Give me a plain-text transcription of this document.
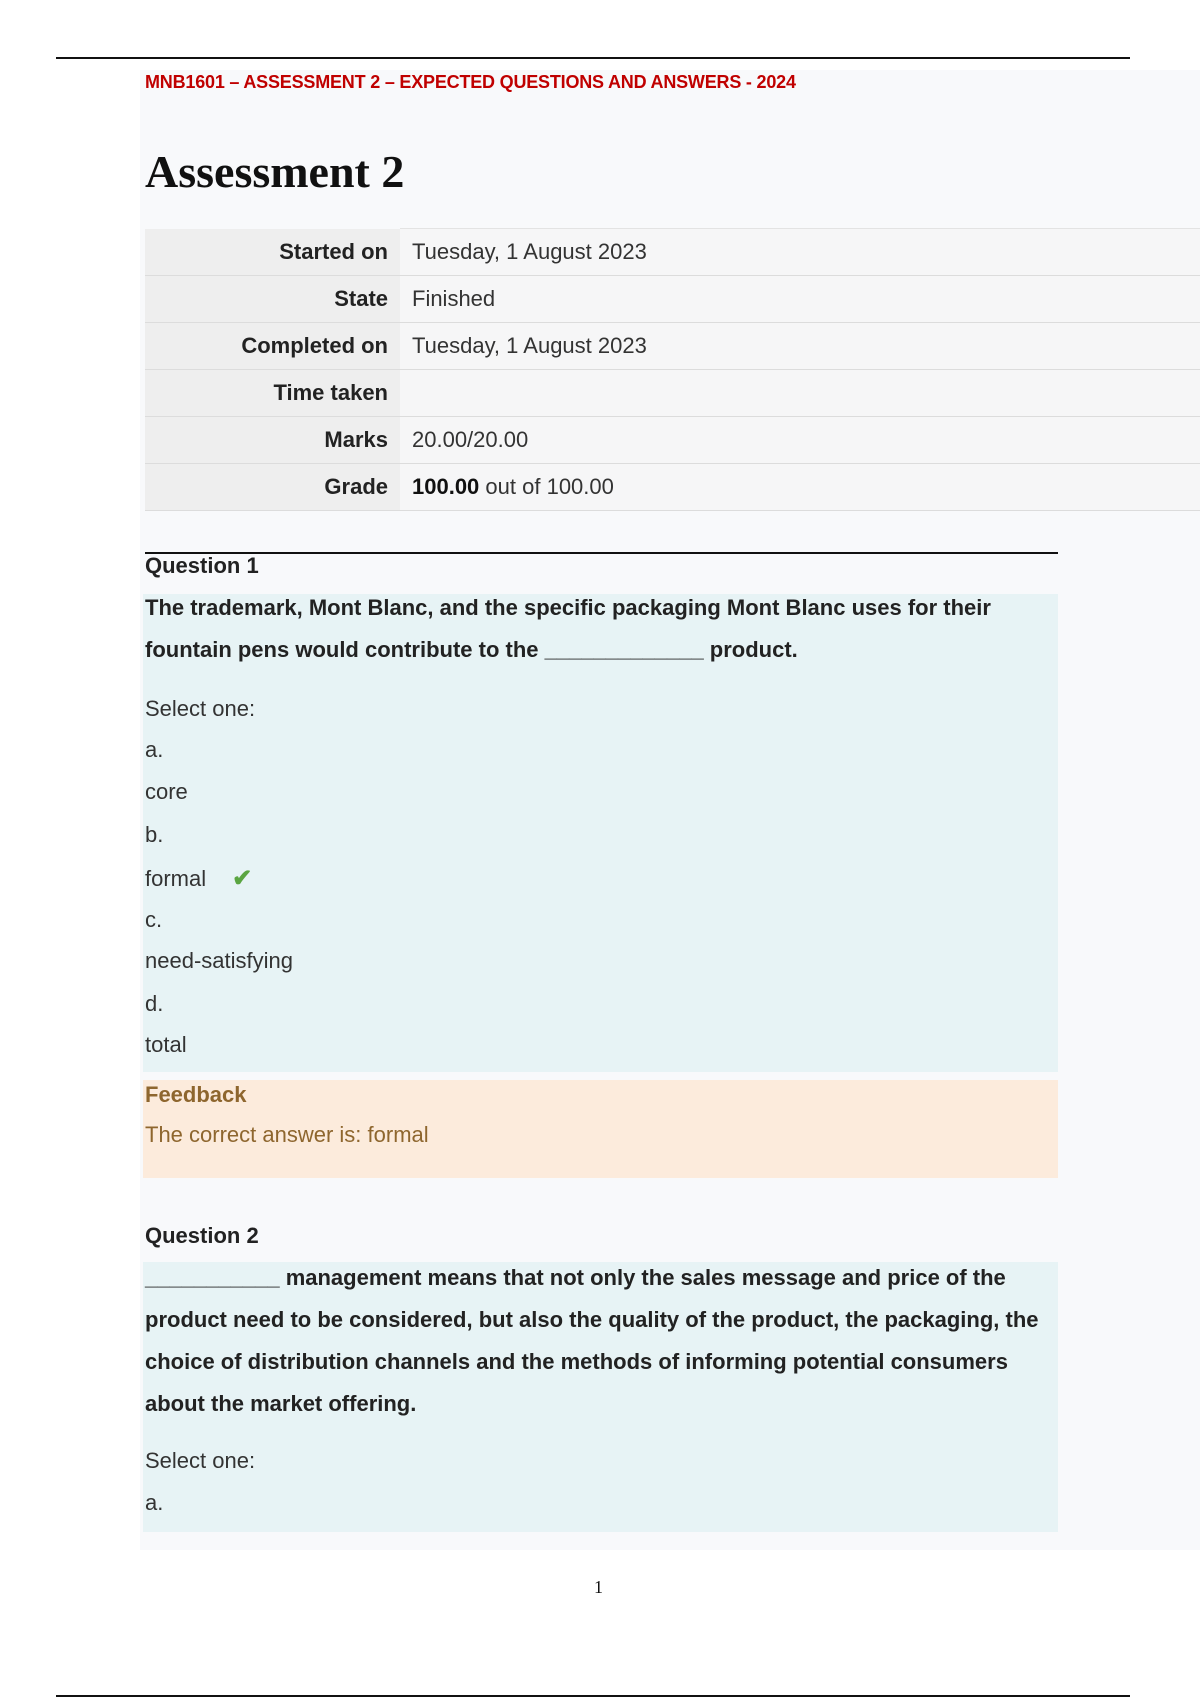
MNB1601 – ASSESSMENT 2 – EXPECTED QUESTIONS AND ANSWERS - 2024
Assessment 2
Started on	Tuesday, 1 August 2023
State	Finished
Completed on	Tuesday, 1 August 2023
Time taken	
Marks	20.00/20.00
Grade	100.00 out of 100.00
Question 1

The trademark, Mont Blanc, and the specific packaging Mont Blanc uses for their fountain pens would contribute to the _____________ product.

Select one:
a.
core
b.
formal ✔
c.
need-satisfying
d.
total
Feedback
The correct answer is: formal
Question 2

___________ management means that not only the sales message and price of the product need to be considered, but also the quality of the product, the packaging, the choice of distribution channels and the methods of informing potential consumers about the market offering.

Select one:
a.
1
